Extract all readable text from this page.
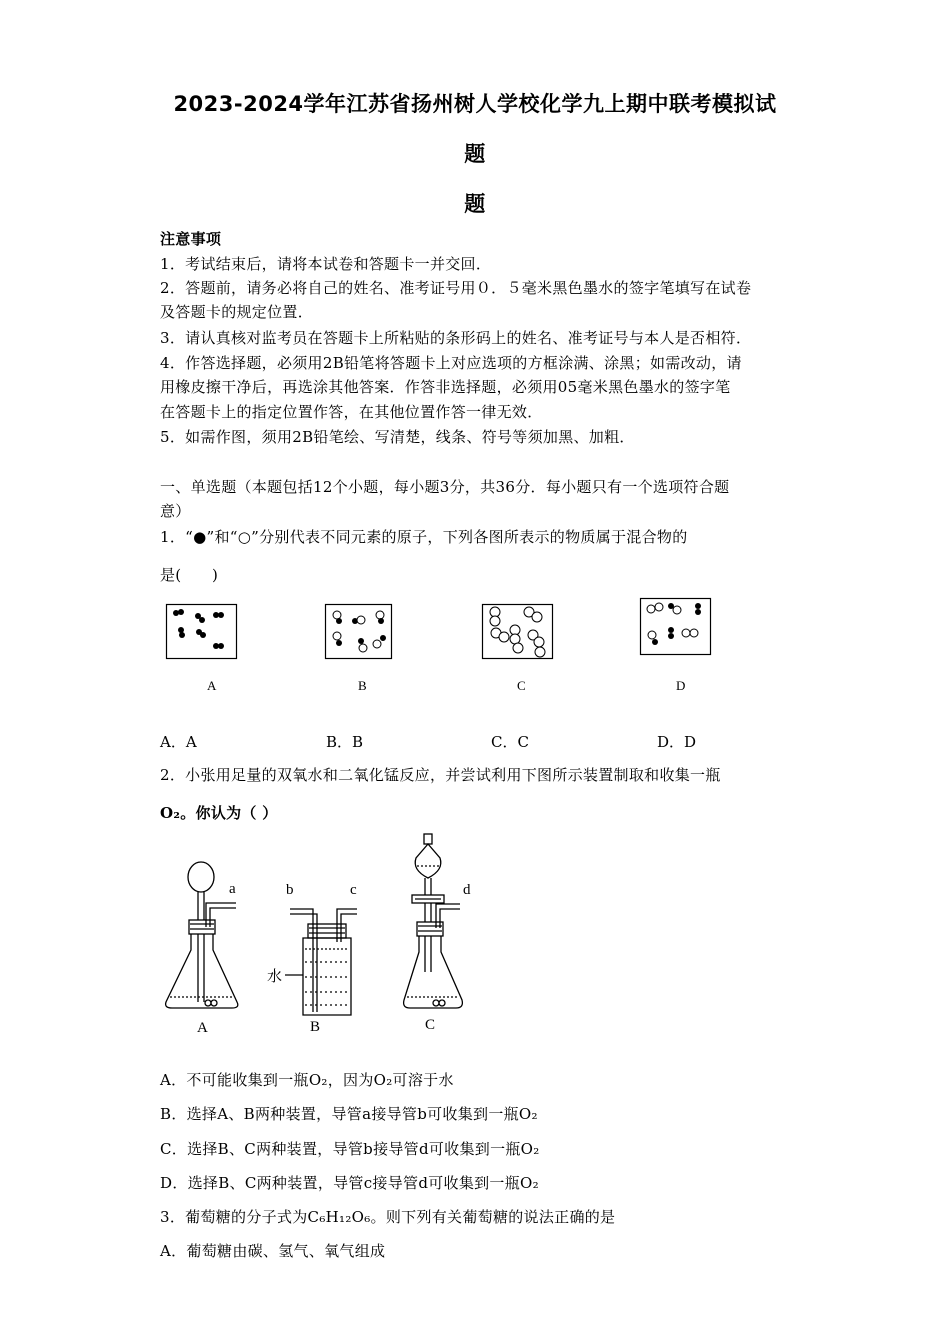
2023-2024学年江苏省扬州树人学校化学九上期中联考模拟试
题
题
注意事项
1．考试结束后，请将本试卷和答题卡一并交回．
2．答题前，请务必将自己的姓名、准考证号用０．５毫米黑色墨水的签字笔填写在试卷
及答题卡的规定位置．
3．请认真核对监考员在答题卡上所粘贴的条形码上的姓名、准考证号与本人是否相符．
4．作答选择题，必须用2B铅笔将答题卡上对应选项的方框涂满、涂黑；如需改动，请
用橡皮擦干净后，再选涂其他答案．作答非选择题，必须用05毫米黑色墨水的签字笔
在答题卡上的指定位置作答，在其他位置作答一律无效．
5．如需作图，须用2B铅笔绘、写清楚，线条、符号等须加黑、加粗．
一、单选题（本题包括12个小题，每小题3分，共36分．每小题只有一个选项符合题
意）
1．“●”和“○”分别代表不同元素的原子，下列各图所表示的物质属于混合物的
是(　　)
A	B	C	D
A．A	B．B	C．C	D．D
2．小张用足量的双氧水和二氧化锰反应，并尝试利用下图所示装置制取和收集一瓶
O₂。你认为（ ）
a	b	c	d
水
A	B	C
A．不可能收集到一瓶O₂，因为O₂可溶于水
B．选择A、B两种装置，导管a接导管b可收集到一瓶O₂
C．选择B、C两种装置，导管b接导管d可收集到一瓶O₂
D．选择B、C两种装置，导管c接导管d可收集到一瓶O₂
3．葡萄糖的分子式为C₆H₁₂O₆。则下列有关葡萄糖的说法正确的是
A．葡萄糖由碳、氢气、氧气组成
